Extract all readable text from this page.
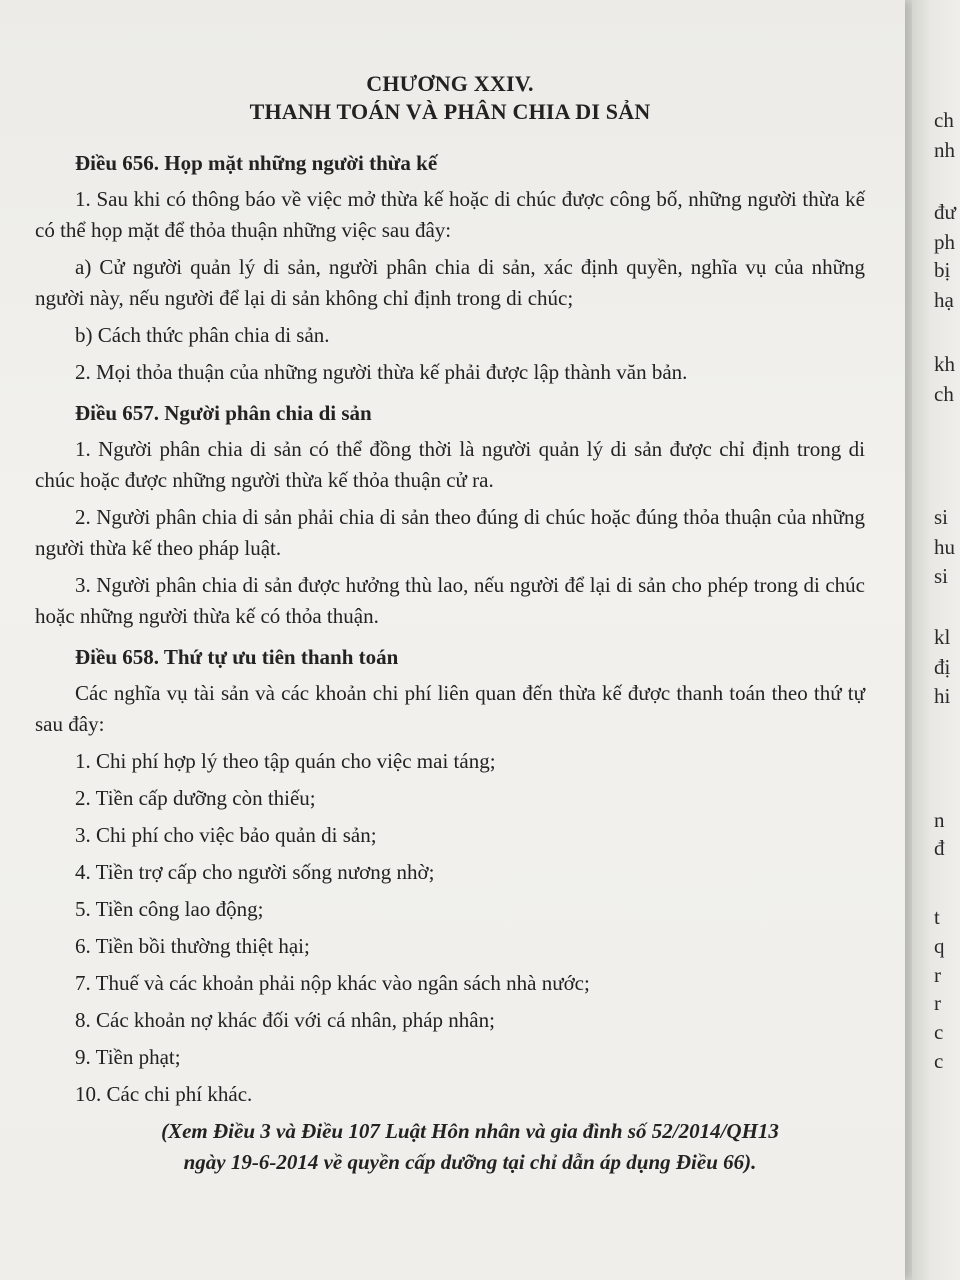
CHƯƠNG XXIV.
THANH TOÁN VÀ PHÂN CHIA DI SẢN
Điều 656. Họp mặt những người thừa kế

1. Sau khi có thông báo về việc mở thừa kế hoặc di chúc được công bố, những người thừa kế có thể họp mặt để thỏa thuận những việc sau đây:

a) Cử người quản lý di sản, người phân chia di sản, xác định quyền, nghĩa vụ của những người này, nếu người để lại di sản không chỉ định trong di chúc;

b) Cách thức phân chia di sản.

2. Mọi thỏa thuận của những người thừa kế phải được lập thành văn bản.

Điều 657. Người phân chia di sản

1. Người phân chia di sản có thể đồng thời là người quản lý di sản được chỉ định trong di chúc hoặc được những người thừa kế thỏa thuận cử ra.

2. Người phân chia di sản phải chia di sản theo đúng di chúc hoặc đúng thỏa thuận của những người thừa kế theo pháp luật.

3. Người phân chia di sản được hưởng thù lao, nếu người để lại di sản cho phép trong di chúc hoặc những người thừa kế có thỏa thuận.

Điều 658. Thứ tự ưu tiên thanh toán

Các nghĩa vụ tài sản và các khoản chi phí liên quan đến thừa kế được thanh toán theo thứ tự sau đây:

1. Chi phí hợp lý theo tập quán cho việc mai táng;
2. Tiền cấp dưỡng còn thiếu;
3. Chi phí cho việc bảo quản di sản;
4. Tiền trợ cấp cho người sống nương nhờ;
5. Tiền công lao động;
6. Tiền bồi thường thiệt hại;
7. Thuế và các khoản phải nộp khác vào ngân sách nhà nước;
8. Các khoản nợ khác đối với cá nhân, pháp nhân;
9. Tiền phạt;
10. Các chi phí khác.
(Xem Điều 3 và Điều 107 Luật Hôn nhân và gia đình số 52/2014/QH13
ngày 19-6-2014 về quyền cấp dưỡng tại chỉ dẫn áp dụng Điều 66).
ch
nh
đư
ph
bị
hạ
kh
ch
si
hu
si
kl
đị
hi
n
đ
t
q
r
r
c
c
